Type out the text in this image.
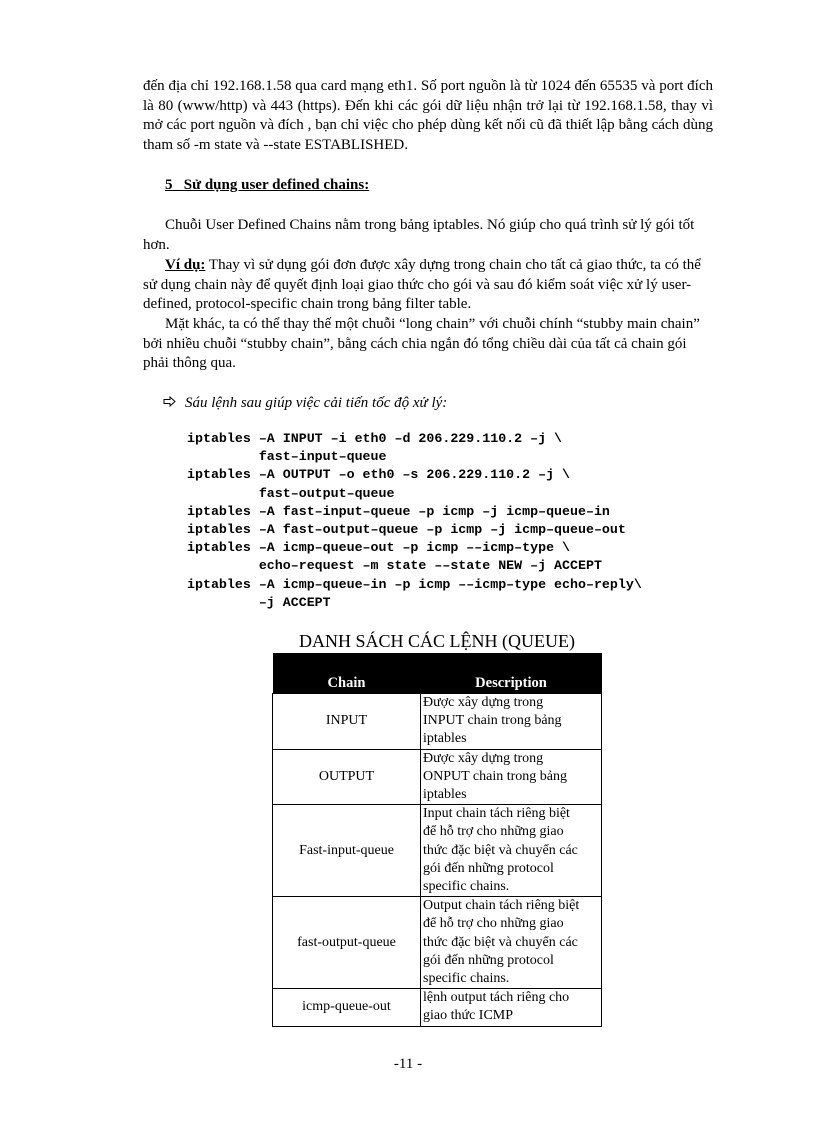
đến địa chỉ 192.168.1.58 qua card mạng eth1. Số port nguồn là từ 1024 đến 65535 và port đích là 80 (www/http) và 443 (https). Đến khi các gói dữ liệu nhận trở lại từ 192.168.1.58, thay vì mở các port nguồn và đích , bạn chỉ việc cho phép dùng kết nối cũ đã thiết lập bằng cách dùng tham số -m state và --state ESTABLISHED.
5_ Sử dụng user defined chains:
Chuỗi User Defined Chains nằm trong bảng iptables. Nó giúp cho quá trình sử lý gói tốt hơn.
Ví dụ: Thay vì sử dụng gói đơn được xây dựng trong chain cho tất cả giao thức, ta có thể sử dụng chain này để quyết định loại giao thức cho gói và sau đó kiểm soát việc xử lý user-defined, protocol-specific chain trong bảng filter table.
Mặt khác, ta có thể thay thế một chuỗi “long chain” với chuỗi chính “stubby main chain” bởi nhiều chuỗi “stubby chain”, bằng cách chia ngắn đó tổng chiều dài của tất cả chain gói phải thông qua.
Sáu lệnh sau giúp việc cải tiến tốc độ xử lý:
iptables –A INPUT –i eth0 –d 206.229.110.2 –j \
fast–input–queue
iptables –A OUTPUT –o eth0 –s 206.229.110.2 –j \
fast–output–queue
iptables –A fast–input–queue –p icmp –j icmp–queue–in
iptables –A fast–output–queue –p icmp –j icmp–queue–out
iptables –A icmp–queue–out –p icmp ––icmp–type \
echo–request –m state ––state NEW –j ACCEPT
iptables –A icmp–queue–in –p icmp ––icmp–type echo–reply\
–j ACCEPT
DANH SÁCH CÁC LỆNH (QUEUE)
Chain	Description
INPUT	Được xây dựng trong
INPUT chain trong bảng
iptables
OUTPUT	Được xây dựng trong
ONPUT chain trong bảng
iptables
Fast-input-queue	Input chain tách riêng biệt
để hỗ trợ cho những giao
thức đặc biệt và chuyển các
gói đến những protocol
specific chains.
fast-output-queue	Output chain tách riêng biệt
để hỗ trợ cho những giao
thức đặc biệt và chuyển các
gói đến những protocol
specific chains.
icmp-queue-out	lệnh output tách riêng cho
giao thức ICMP
-11 -
